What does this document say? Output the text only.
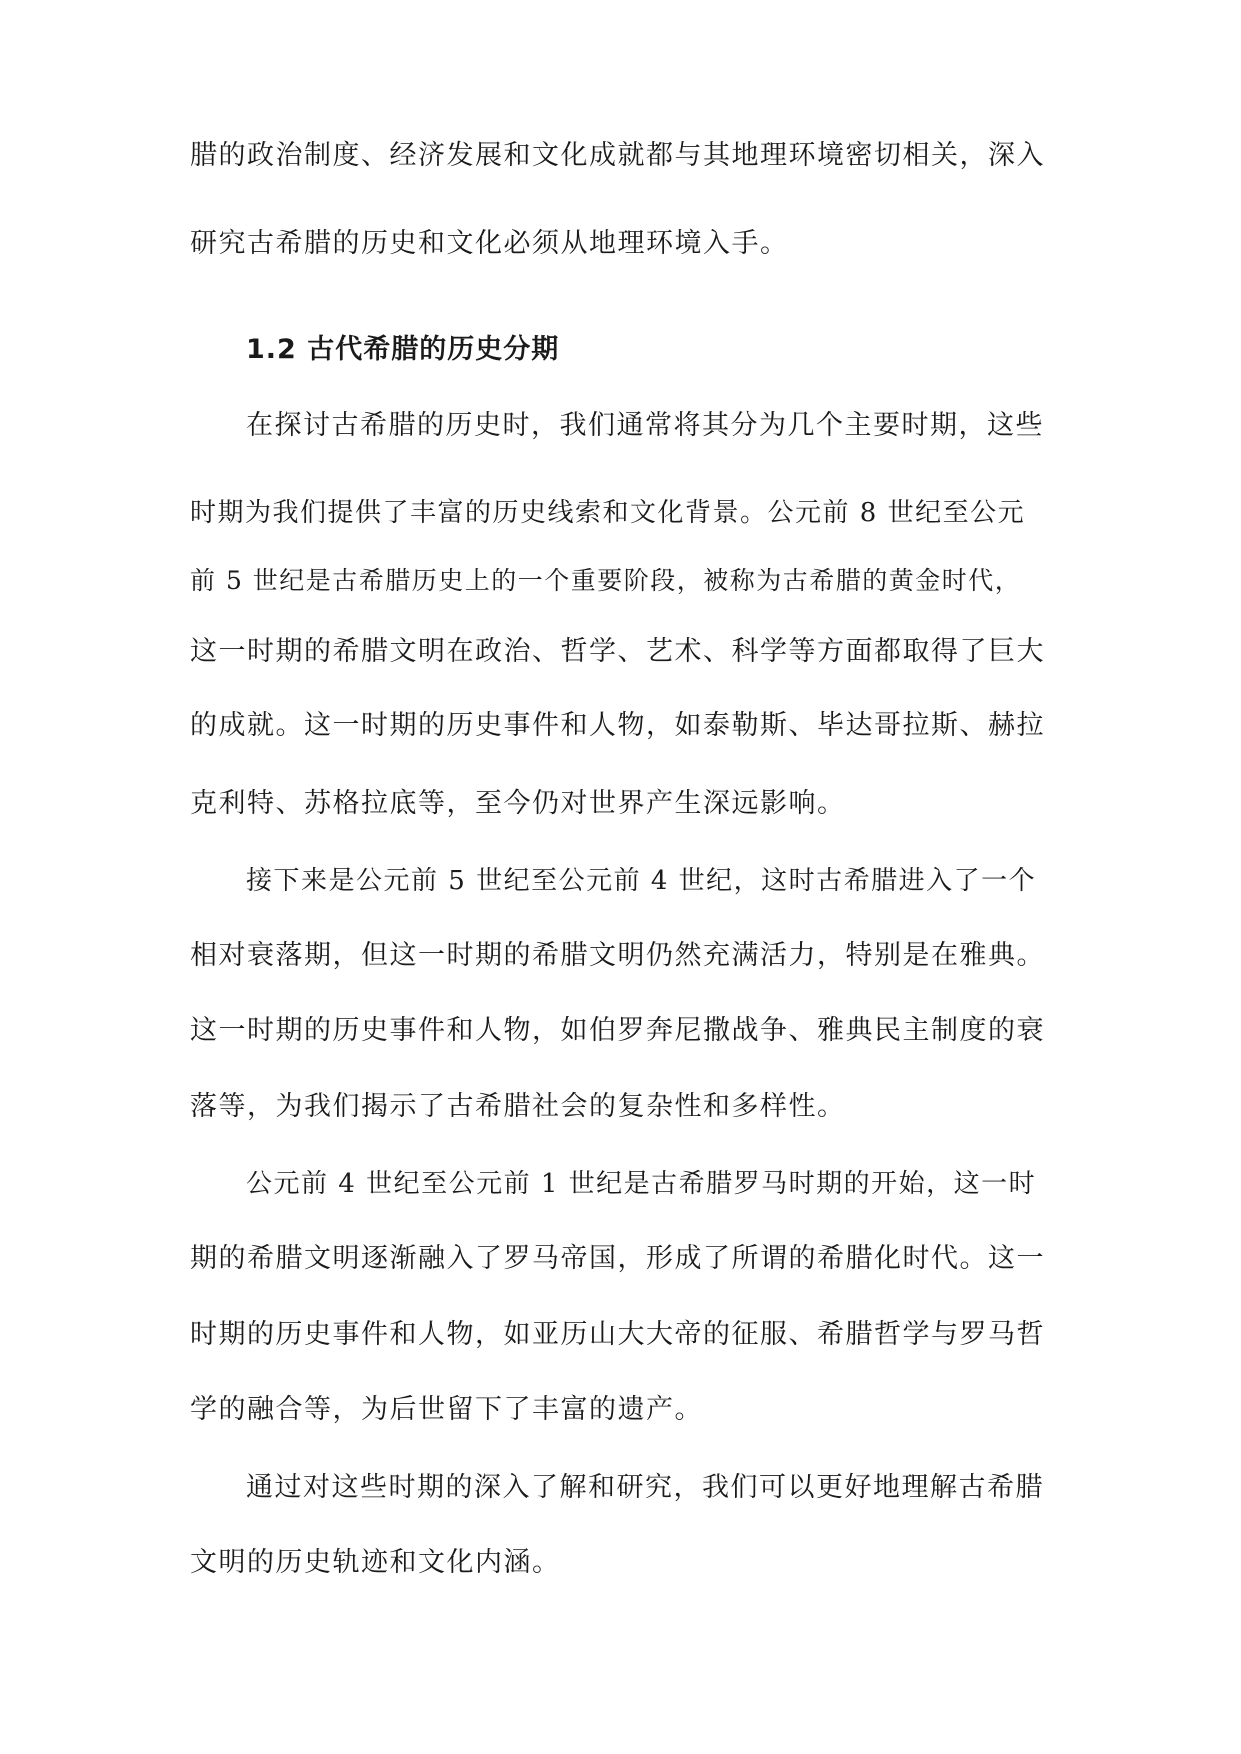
腊的政治制度、经济发展和文化成就都与其地理环境密切相关，深入
研究古希腊的历史和文化必须从地理环境入手。
1.2 古代希腊的历史分期
在探讨古希腊的历史时，我们通常将其分为几个主要时期，这些
时期为我们提供了丰富的历史线索和文化背景。公元前 8 世纪至公元
前 5 世纪是古希腊历史上的一个重要阶段，被称为古希腊的黄金时代，
这一时期的希腊文明在政治、哲学、艺术、科学等方面都取得了巨大
的成就。这一时期的历史事件和人物，如泰勒斯、毕达哥拉斯、赫拉
克利特、苏格拉底等，至今仍对世界产生深远影响。
接下来是公元前 5 世纪至公元前 4 世纪，这时古希腊进入了一个
相对衰落期，但这一时期的希腊文明仍然充满活力，特别是在雅典。
这一时期的历史事件和人物，如伯罗奔尼撒战争、雅典民主制度的衰
落等，为我们揭示了古希腊社会的复杂性和多样性。
公元前 4 世纪至公元前 1 世纪是古希腊罗马时期的开始，这一时
期的希腊文明逐渐融入了罗马帝国，形成了所谓的希腊化时代。这一
时期的历史事件和人物，如亚历山大大帝的征服、希腊哲学与罗马哲
学的融合等，为后世留下了丰富的遗产。
通过对这些时期的深入了解和研究，我们可以更好地理解古希腊
文明的历史轨迹和文化内涵。
